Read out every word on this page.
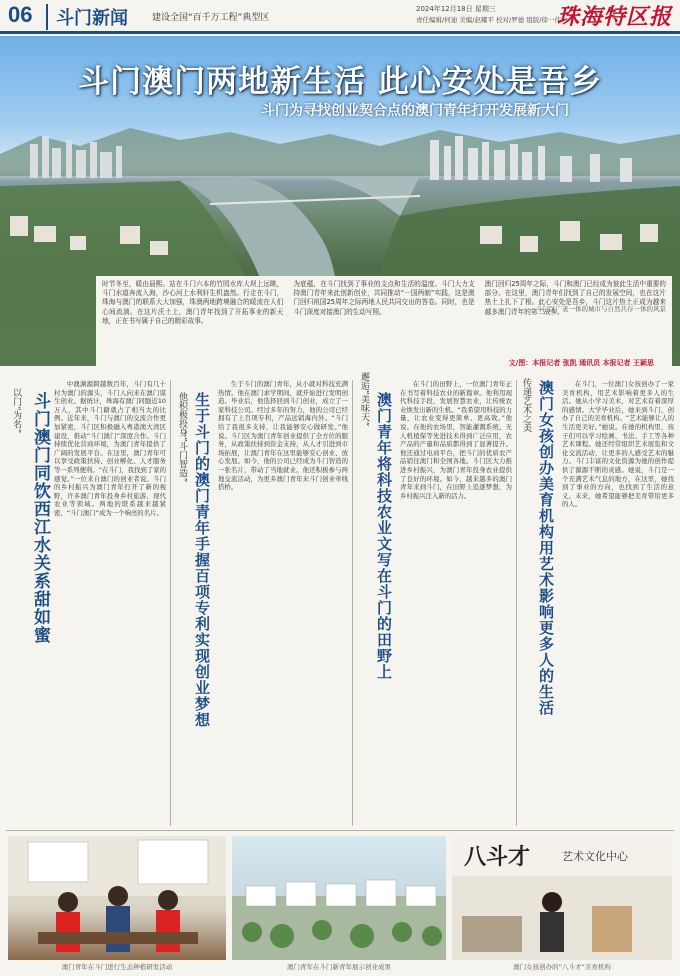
06	斗门新闻	建设全国“百千万工程”典型区
2024年12月18日 星期三
责任编辑/何迪 美编/赵耀平 校对/罗德 组版/徐一伟
珠海特区报
斗门澳门两地新生活 此心安处是吾乡
斗门为寻找创业契合点的澳门青年打开发展新大门
斗门区广袤一体的城市与自然共存一体的风景
时节冬至，暖由晨熙。站在斗门六本的竹园水库大坝上远眺，斗门水道奔流入海，沙心河上水利轩生机盎然。行走在斗门，珠海与澳门的联系大大加强，珠澳两地跨境融合的暖流在人们心间流淌。在这片沃土上，澳门青年找到了开拓事业的新天地，正在书写属于自己的精彩故事。
为底蕴，在斗门找到了事业的支点和生活的温度。斗门大力支持澳门青年来此创新创业，共同推动“一国两制”实践，这是澳门回归祖国25周年之际两地人民共同交出的答卷。同时，也是斗门深度对接澳门的生动写照。
澳门回归25周年之际，斗门和澳门已经成为彼此生活中重要的部分。在这里，澳门青年们找到了自己的发展空间，也在这片热土上扎下了根。此心安处是吾乡，斗门这片热土正成为越来越多澳门青年的第二故乡。
文/图：本报记者 张凯 通讯员 本报记者 王颖思
以门“为名” 斗门澳门同饮西江水关系甜如蜜
中澳渊源跨越数百年，斗门有几十村为澳门的源头，斗门人向来在澳门谋生创业。据统计，珠海有澳门同胞近10万人，其中斗门籍就占了相当大的比例。近年来，斗门与澳门的交流合作更加紧密，斗门区积极融入粤港澳大湾区建设，推动“斗门澳门”深度合作。斗门持续优化营商环境，为澳门青年提供了广阔的发展平台。在这里，澳门青年可以享受政策扶持、创业孵化、人才服务等一系列便利。“在斗门，我找到了家的感觉。”一位来自澳门的创业者说。斗门的乡村振兴为澳门青年打开了新的视野，许多澳门青年投身乡村旅游、现代农业等领域。两地的联系越来越紧密，“斗门澳门”成为一个响亮的名片。
他积极投身”斗门智造” 生于斗门的澳门青年手握百项专利实现创业梦想
生于斗门的澳门青年，从小就对科技充满热情。他在澳门求学期间，就开始进行发明创造。毕业后，他选择回到斗门创业，成立了一家科技公司。经过多年的努力，他的公司已经拥有了上百项专利，产品远销海内外。“斗门给了我很多支持，让我能够安心做研发。”他说。斗门区为澳门青年创业提供了全方位的服务，从政策扶持到资金支持，从人才引进到市场拓展，让澳门青年在这里能够安心创业、放心发展。如今，他的公司已经成为斗门智造的一张名片，带动了当地就业。他还积极参与两地交流活动，为更多澳门青年来斗门创业牵线搭桥。
邂逅”美味天” 澳门青年将科技农业文写在斗门的田野上
在斗门的田野上，一位澳门青年正在书写着科技农业的新篇章。他利用现代科技手段，发展智慧农业，让传统农业焕发出新的生机。“我希望用科技的力量，让农业变得更简单、更高效。”他说。在他的农场里，智能灌溉系统、无人机植保等先进技术得到广泛应用，农产品的产量和品质都得到了显著提升。他还通过电商平台，把斗门的优质农产品销往澳门和全国各地。斗门区大力推进乡村振兴，为澳门青年投身农业提供了良好的环境。如今，越来越多的澳门青年来到斗门，在田野上追逐梦想，为乡村振兴注入新的活力。
传递艺术之美 澳门女孩创办美育机构用艺术影响更多人的生活	在斗门，一位澳门女孩创办了一家美育机构，用艺术影响着更多人的生活。她从小学习美术，对艺术有着深厚的感情。大学毕业后，她来到斗门，创办了自己的美育机构。“艺术能够让人的生活更美好。”她说。在她的机构里，孩子们可以学习绘画、书法、手工等各种艺术课程。她还经常组织艺术展览和文化交流活动，让更多的人感受艺术的魅力。斗门丰富的文化资源为她的创作提供了源源不断的灵感。她说，斗门是一个充满艺术气息的地方，在这里，她找到了事业的方向，也找到了生活的意义。未来，她希望能够把美育带给更多的人。
八斗才	艺术文化中心
澳门青年在斗门进行生态种植研发活动	澳门青年在斗门新青年展示创业成果	澳门女孩创办的“八斗才”美育机构
